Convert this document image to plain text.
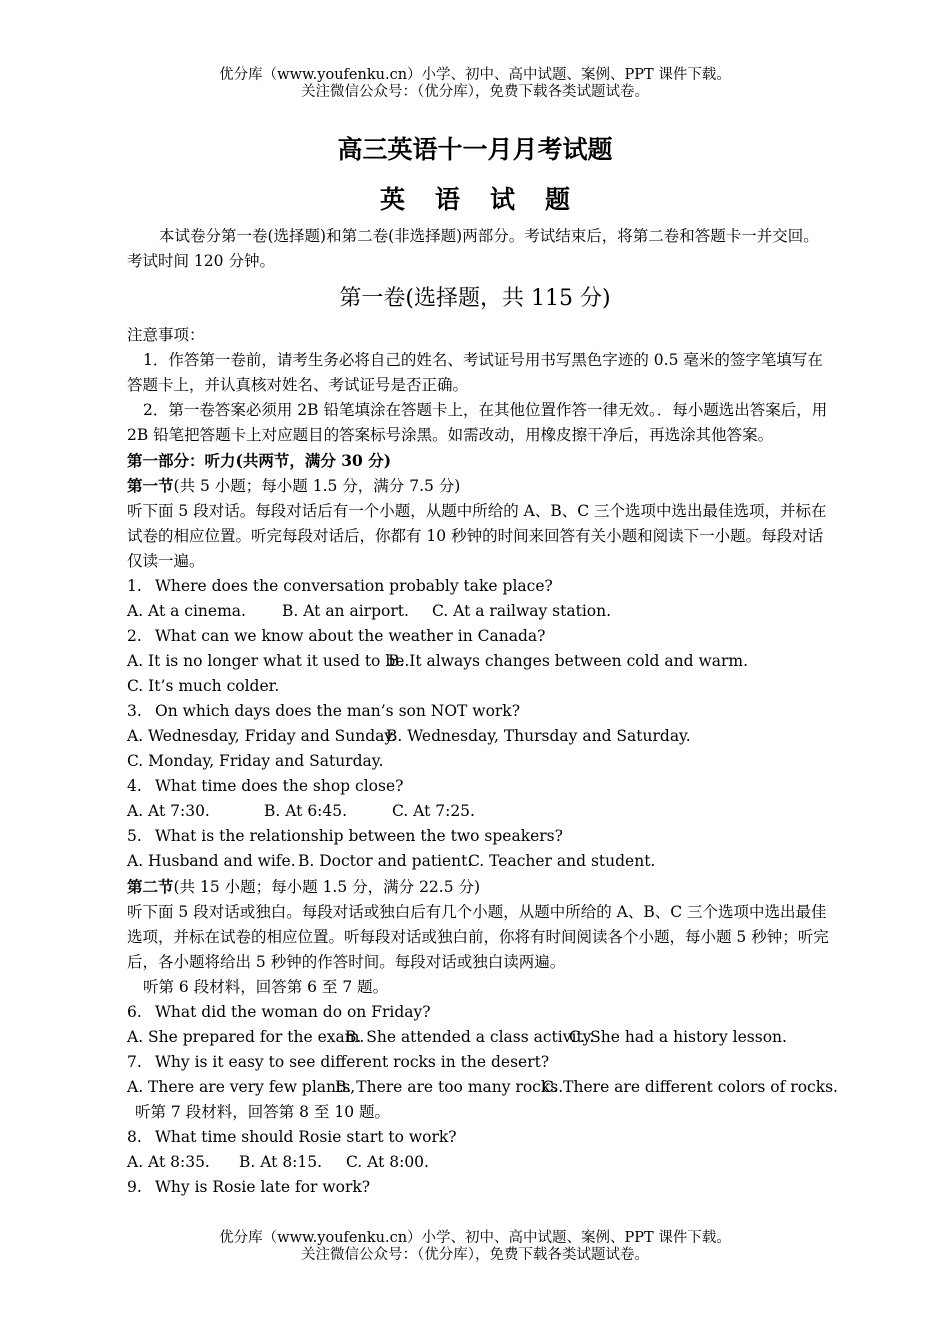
优分库（www.youfenku.cn）小学、初中、高中试题、案例、PPT 课件下载。
关注微信公众号：（优分库），免费下载各类试题试卷。
高三英语十一月月考试题
英语试题

本试卷分第一卷(选择题)和第二卷(非选择题)两部分。考试结束后，将第二卷和答题卡一并交回。考试时间 120 分钟。

第一卷(选择题，共 115 分)
注意事项：
1．作答第一卷前，请考生务必将自己的姓名、考试证号用书写黑色字迹的 0.5 毫米的签字笔填写在答题卡上，并认真核对姓名、考试证号是否正确。
2．第一卷答案必须用 2B 铅笔填涂在答题卡上，在其他位置作答一律无效。．每小题选出答案后，用 2B 铅笔把答题卡上对应题目的答案标号涂黑。如需改动，用橡皮擦干净后，再选涂其他答案。
第一部分：听力(共两节，满分 30 分)
第一节(共 5 小题；每小题 1.5 分，满分 7.5 分)
听下面 5 段对话。每段对话后有一个小题，从题中所给的 A、B、C 三个选项中选出最佳选项，并标在试卷的相应位置。听完每段对话后，你都有 10 秒钟的时间来回答有关小题和阅读下一小题。每段对话仅读一遍。
1. Where does the conversation probably take place?
A. At a cinema. B. At an airport. C. At a railway station.
2. What can we know about the weather in Canada?
A. It is no longer what it used to be.B. It always changes between cold and warm.
C. It’s much colder.
3. On which days does the man’s son NOT work?
A. Wednesday, Friday and Sunday.B. Wednesday, Thursday and Saturday.
C. Monday, Friday and Saturday.
4. What time does the shop close?
A. At 7:30.	B. At 6:45.	C. At 7:25.
5. What is the relationship between the two speakers?
A. Husband and wife. B. Doctor and patient.C. Teacher and student.
第二节(共 15 小题；每小题 1.5 分，满分 22.5 分)
听下面 5 段对话或独白。每段对话或独白后有几个小题，从题中所给的 A、B、C 三个选项中选出最佳选项，并标在试卷的相应位置。听每段对话或独白前，你将有时间阅读各个小题，每小题 5 秒钟；听完后，各小题将给出 5 秒钟的作答时间。每段对话或独白读两遍。
听第 6 段材料，回答第 6 至 7 题。
6. What did the woman do on Friday?
A. She prepared for the exam.B. She attended a class activity.C. She had a history lesson.
7. Why is it easy to see different rocks in the desert?
A. There are very few plants,B. There are too many rocks.C. There are different colors of rocks.
听第 7 段材料，回答第 8 至 10 题。
8. What time should Rosie start to work?
A. At 8:35. B. At 8:15. C. At 8:00.
9. Why is Rosie late for work?
优分库（www.youfenku.cn）小学、初中、高中试题、案例、PPT 课件下载。
关注微信公众号：（优分库），免费下载各类试题试卷。
